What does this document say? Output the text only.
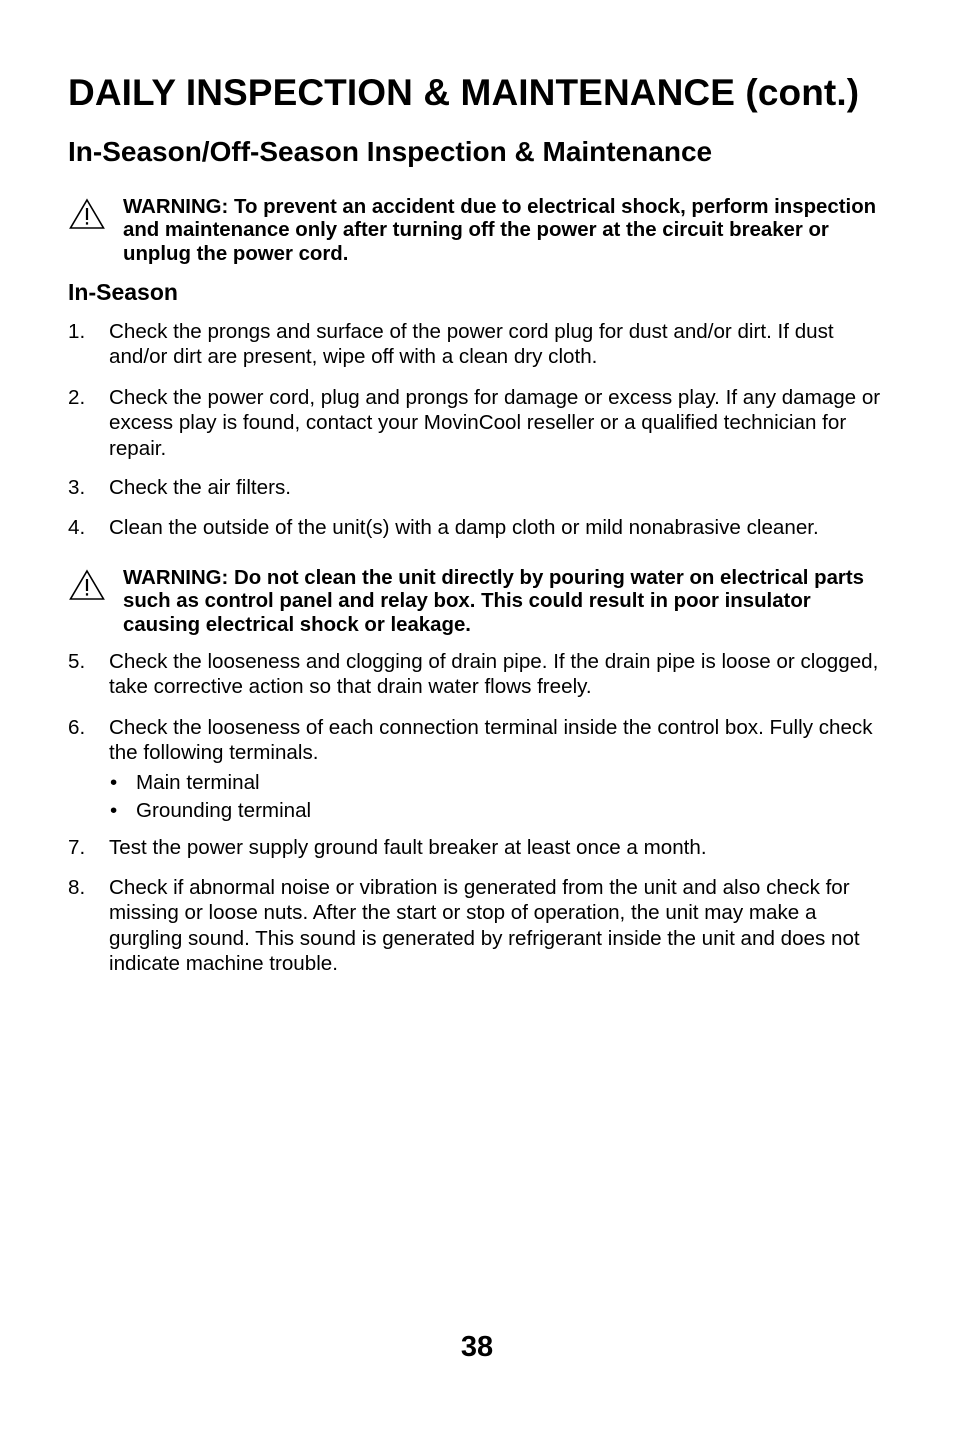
DAILY INSPECTION & MAINTENANCE (cont.)
In-Season/Off-Season Inspection & Maintenance
WARNING: To prevent an accident due to electrical shock, perform inspection and maintenance only after turning off the power at the circuit breaker or unplug the power cord.
In-Season
1. Check the prongs and surface of the power cord plug for dust and/or dirt. If dust and/or dirt are present, wipe off with a clean dry cloth.
2. Check the power cord, plug and prongs for damage or excess play. If any damage or excess play is found, contact your MovinCool reseller or a qualified technician for repair.
3. Check the air filters.
4. Clean the outside of the unit(s) with a damp cloth or mild nonabrasive cleaner.
WARNING: Do not clean the unit directly by pouring water on electrical parts such as control panel and relay box. This could result in poor insulator causing electrical shock or leakage.
5. Check the looseness and clogging of drain pipe. If the drain pipe is loose or clogged, take corrective action so that drain water flows freely.
6. Check the looseness of each connection terminal inside the control box. Fully check the following terminals.
• Main terminal
• Grounding terminal
7. Test the power supply ground fault breaker at least once a month.
8. Check if abnormal noise or vibration is generated from the unit and also check for missing or loose nuts. After the start or stop of operation, the unit may make a gurgling sound. This sound is generated by refrigerant inside the unit and does not indicate machine trouble.
38
